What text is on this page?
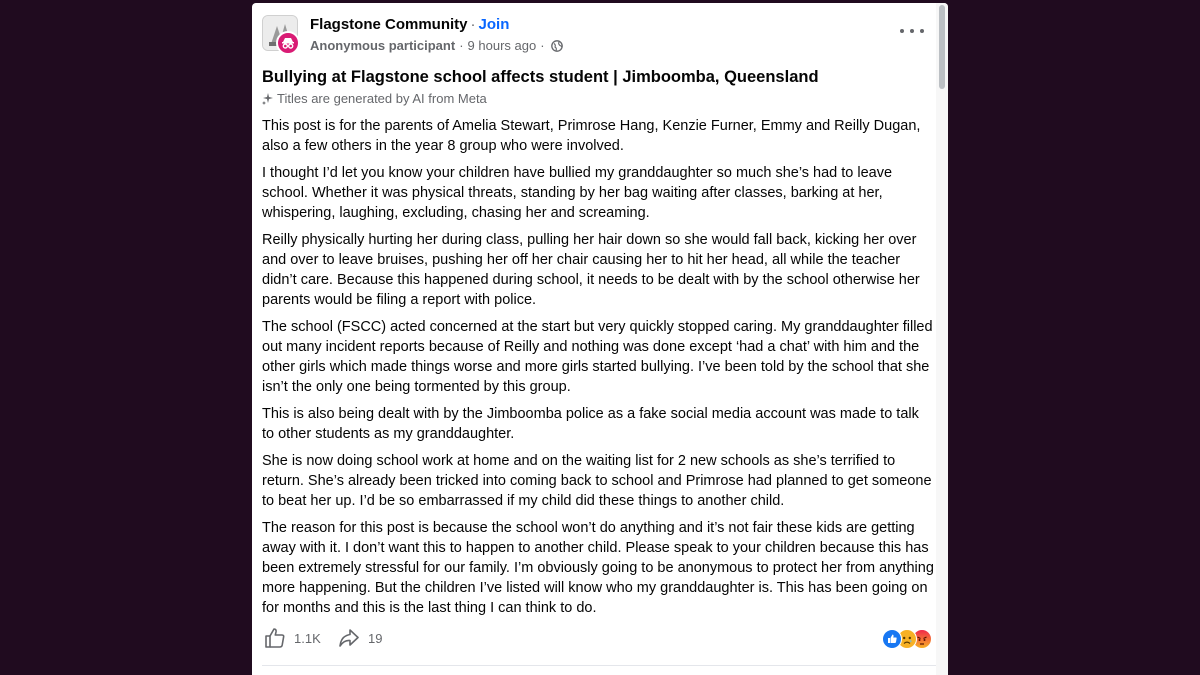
Flagstone Community · Join
Anonymous participant · 9 hours ago ·
Bullying at Flagstone school affects student | Jimboomba, Queensland
Titles are generated by AI from Meta

This post is for the parents of Amelia Stewart, Primrose Hang, Kenzie Furner, Emmy and Reilly Dugan, also a few others in the year 8 group who were involved.

I thought I’d let you know your children have bullied my granddaughter so much she’s had to leave school. Whether it was physical threats, standing by her bag waiting after classes, barking at her, whispering, laughing, excluding, chasing her and screaming.

Reilly physically hurting her during class, pulling her hair down so she would fall back, kicking her over and over to leave bruises, pushing her off her chair causing her to hit her head, all while the teacher didn’t care. Because this happened during school, it needs to be dealt with by the school otherwise her parents would be filing a report with police.

The school (FSCC) acted concerned at the start but very quickly stopped caring. My granddaughter filled out many incident reports because of Reilly and nothing was done except ‘had a chat’ with him and the other girls which made things worse and more girls started bullying. I’ve been told by the school that she isn’t the only one being tormented by this group.

This is also being dealt with by the Jimboomba police as a fake social media account was made to talk to other students as my granddaughter.

She is now doing school work at home and on the waiting list for 2 new schools as she’s terrified to return. She’s already been tricked into coming back to school and Primrose had planned to get someone to beat her up. I’d be so embarrassed if my child did these things to another child.

The reason for this post is because the school won’t do anything and it’s not fair these kids are getting away with it. I don’t want this to happen to another child. Please speak to your children because this has been extremely stressful for our family. I’m obviously going to be anonymous to protect her from anything more happening. But the children I’ve listed will know who my granddaughter is. This has been going on for months and this is the last thing I can think to do.

1.1K	19
